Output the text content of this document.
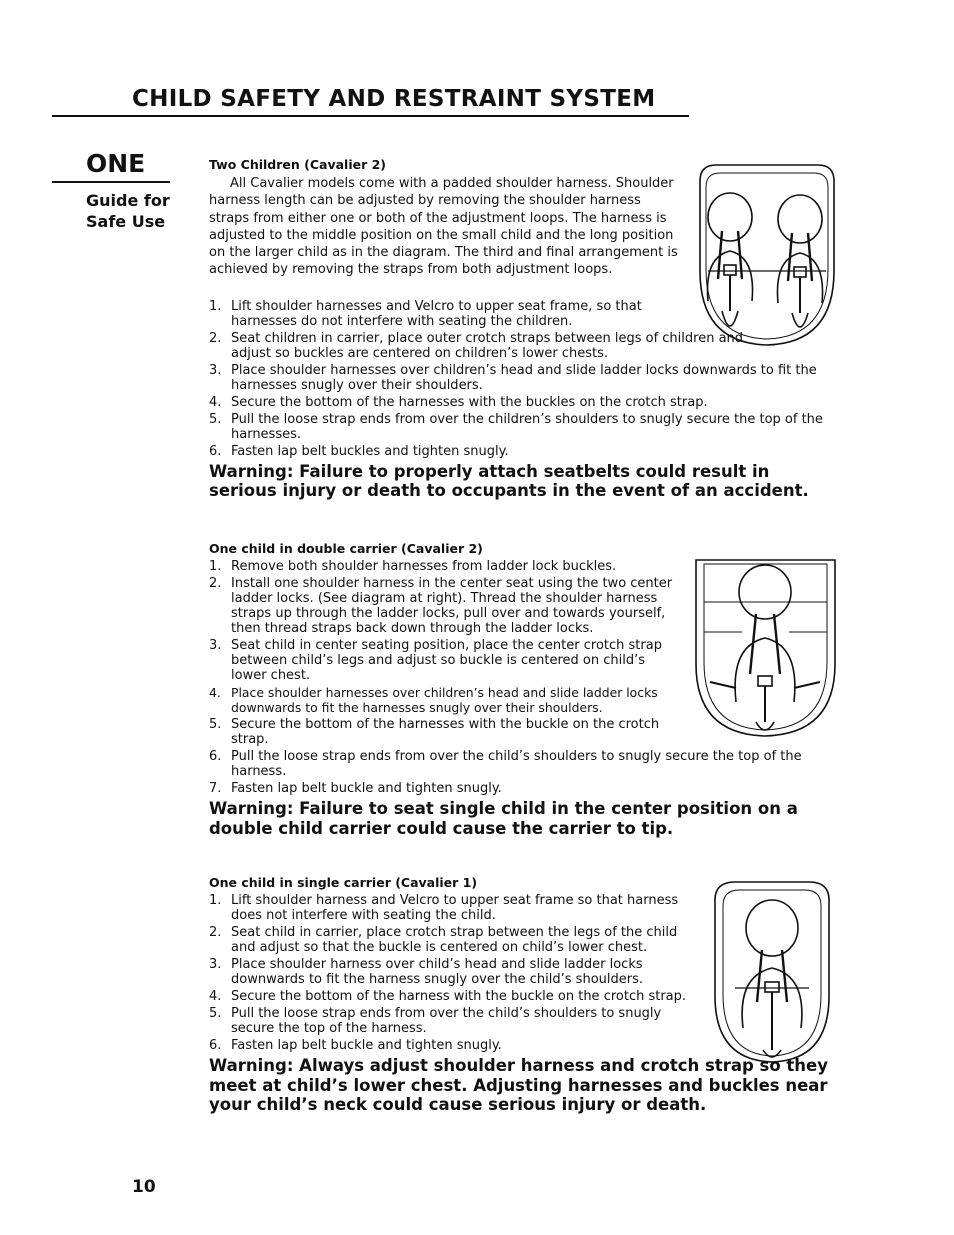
CHILD SAFETY AND RESTRAINT SYSTEM
ONE
Guide for Safe Use
Two Children (Cavalier 2)

All Cavalier models come with a padded shoulder harness. Shoulder harness length can be adjusted by removing the shoulder harness straps from either one or both of the adjustment loops. The harness is adjusted to the middle position on the small child and the long position on the larger child as in the diagram. The third and final arrangement is achieved by removing the straps from both adjustment loops.

1. Lift shoulder harnesses and Velcro to upper seat frame, so that harnesses do not interfere with seating the children.
2. Seat children in carrier, place outer crotch straps between legs of children and adjust so buckles are centered on children’s lower chests.
3. Place shoulder harnesses over children’s head and slide ladder locks downwards to fit the harnesses snugly over their shoulders.
4. Secure the bottom of the harnesses with the buckles on the crotch strap.
5. Pull the loose strap ends from over the children’s shoulders to snugly secure the top of the harnesses.
6. Fasten lap belt buckles and tighten snugly.
Warning: Failure to properly attach seatbelts could result in serious injury or death to occupants in the event of an accident.
One child in double carrier (Cavalier 2)
1. Remove both shoulder harnesses from ladder lock buckles.
2. Install one shoulder harness in the center seat using the two center ladder locks. (See diagram at right). Thread the shoulder harness straps up through the ladder locks, pull over and towards yourself, then thread straps back down through the ladder locks.
3. Seat child in center seating position, place the center crotch strap between child’s legs and adjust so buckle is centered on child’s lower chest.
4. Place shoulder harnesses over children’s head and slide ladder locks downwards to fit the harnesses snugly over their shoulders.
5. Secure the bottom of the harnesses with the buckle on the crotch strap.
6. Pull the loose strap ends from over the child’s shoulders to snugly secure the top of the harness.
7. Fasten lap belt buckle and tighten snugly.
Warning: Failure to seat single child in the center position on a double child carrier could cause the carrier to tip.
One child in single carrier (Cavalier 1)
1. Lift shoulder harness and Velcro to upper seat frame so that harness does not interfere with seating the child.
2. Seat child in carrier, place crotch strap between the legs of the child and adjust so that the buckle is centered on child’s lower chest.
3. Place shoulder harness over child’s head and slide ladder locks downwards to fit the harness snugly over the child’s shoulders.
4. Secure the bottom of the harness with the buckle on the crotch strap.
5. Pull the loose strap ends from over the child’s shoulders to snugly secure the top of the harness.
6. Fasten lap belt buckle and tighten snugly.
Warning: Always adjust shoulder harness and crotch strap so they meet at child’s lower chest. Adjusting harnesses and buckles near your child’s neck could cause serious injury or death.
10
